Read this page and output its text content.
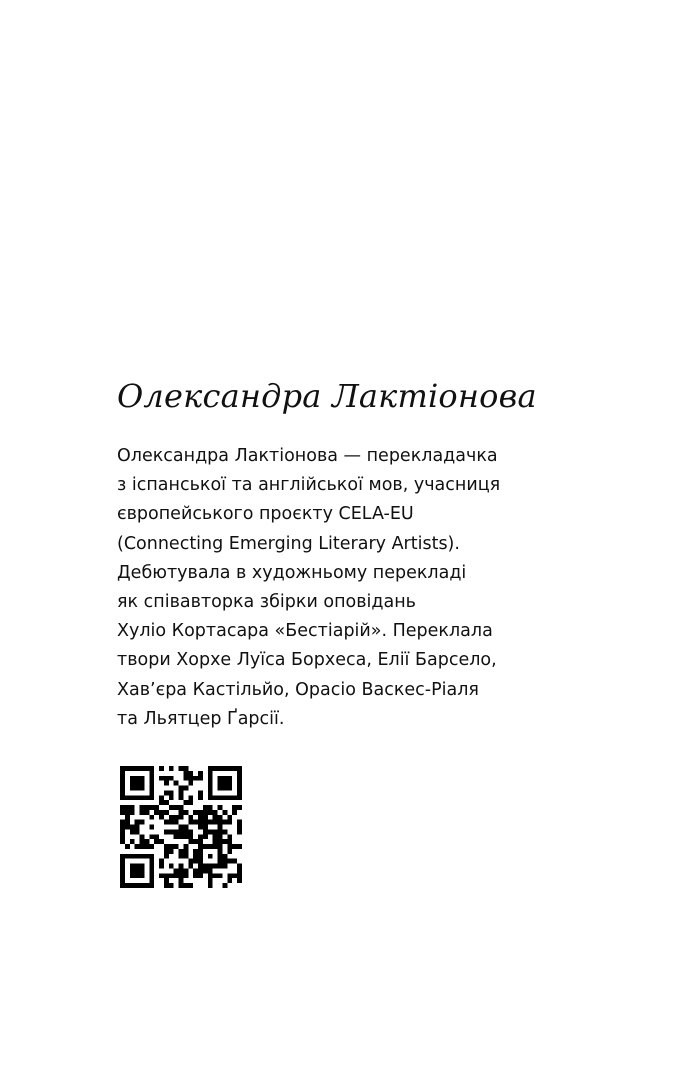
Олександра Лактіонова
Олександра Лактіонова — перекладачка
з іспанської та англійської мов, учасниця
європейського проєкту CELA-EU
(Connecting Emerging Literary Artists).
Дебютувала в художньому перекладі
як співавторка збірки оповідань
Хуліо Кортасара «Бестіарій». Переклала
твори Хорхе Луїса Борхеса, Елії Барсело,
Хав’єра Кастільйо, Орасіо Васкес-Ріаля
та Льятцер Ґарсії.
